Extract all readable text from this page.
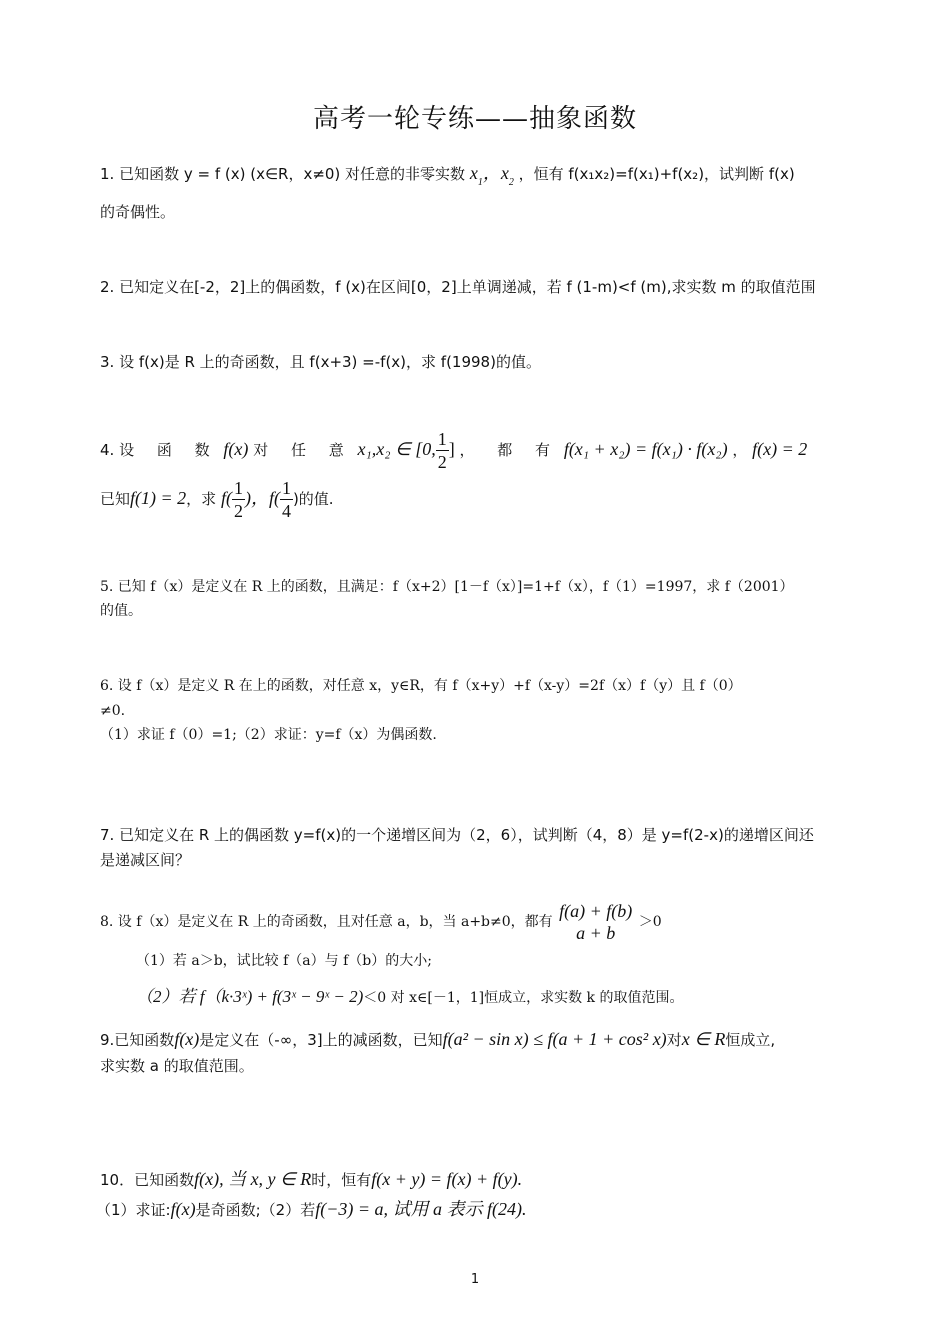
高考一轮专练——抽象函数
1. 已知函数 y = f (x) (x∈R，x≠0) 对任意的非零实数 $x_1$，$x_2$ ，恒有 f(x₁x₂)=f(x₁)+f(x₂)，试判断 f(x)
的奇偶性。
2. 已知定义在[-2，2]上的偶函数，f (x)在区间[0，2]上单调递减，若 f (1-m)<f (m),求实数 m 的取值范围
3. 设 f(x)是 R 上的奇函数，且 f(x+3) =-f(x)，求 f(1998)的值。
4. 设 函 数 f(x) 对 任 意 x₁,x₂ ∈ [0, $\frac{1}{2}$ ] ， 都 有 f(x₁ + x₂) = f(x₁) · f(x₂) ， f(x) = 2
已知f(1) = 2，求 $f( \frac{1}{2}$ )，$f( \frac{1}{4}$ )的值.
5. 已知 f（x）是定义在 R 上的函数，且满足：f（x+2）[1－f（x）]=1+f（x），f（1）=1997，求 f（2001）
的值。
6. 设 f（x）是定义 R 在上的函数，对任意 x，y∈R，有 f（x+y）+f（x-y）=2f（x）f（y）且 f（0）
≠0.
（1）求证 f（0）=1;（2）求证：y=f（x）为偶函数.
7. 已知定义在 R 上的偶函数 y=f(x)的一个递增区间为（2，6），试判断（4，8）是 y=f(2-x)的递增区间还
是递减区间？
8. 设 f（x）是定义在 R 上的奇函数，且对任意 a，b，当 a+b≠0，都有
f(a) + f(b)
a + b
＞0
（1）若 a＞b，试比较 f（a）与 f（b）的大小;
（2）若 f（k·3ˣ) + f(3ˣ − 9ˣ − 2)＜0 对 x∈[－1，1]恒成立，求实数 k 的取值范围。
9.已知函数f(x)是定义在（-∞，3]上的减函数，已知f(a² − sin x) ≤ f(a + 1 + cos² x)对x ∈ R恒成立,
求实数 a 的取值范围。
10．已知函数f(x), 当 x, y ∈ R时，恒有f(x + y) = f(x) + f(y).
（1）求证:f(x)是奇函数;（2）若f(−3) = a, 试用 a 表示 f(24).
1
